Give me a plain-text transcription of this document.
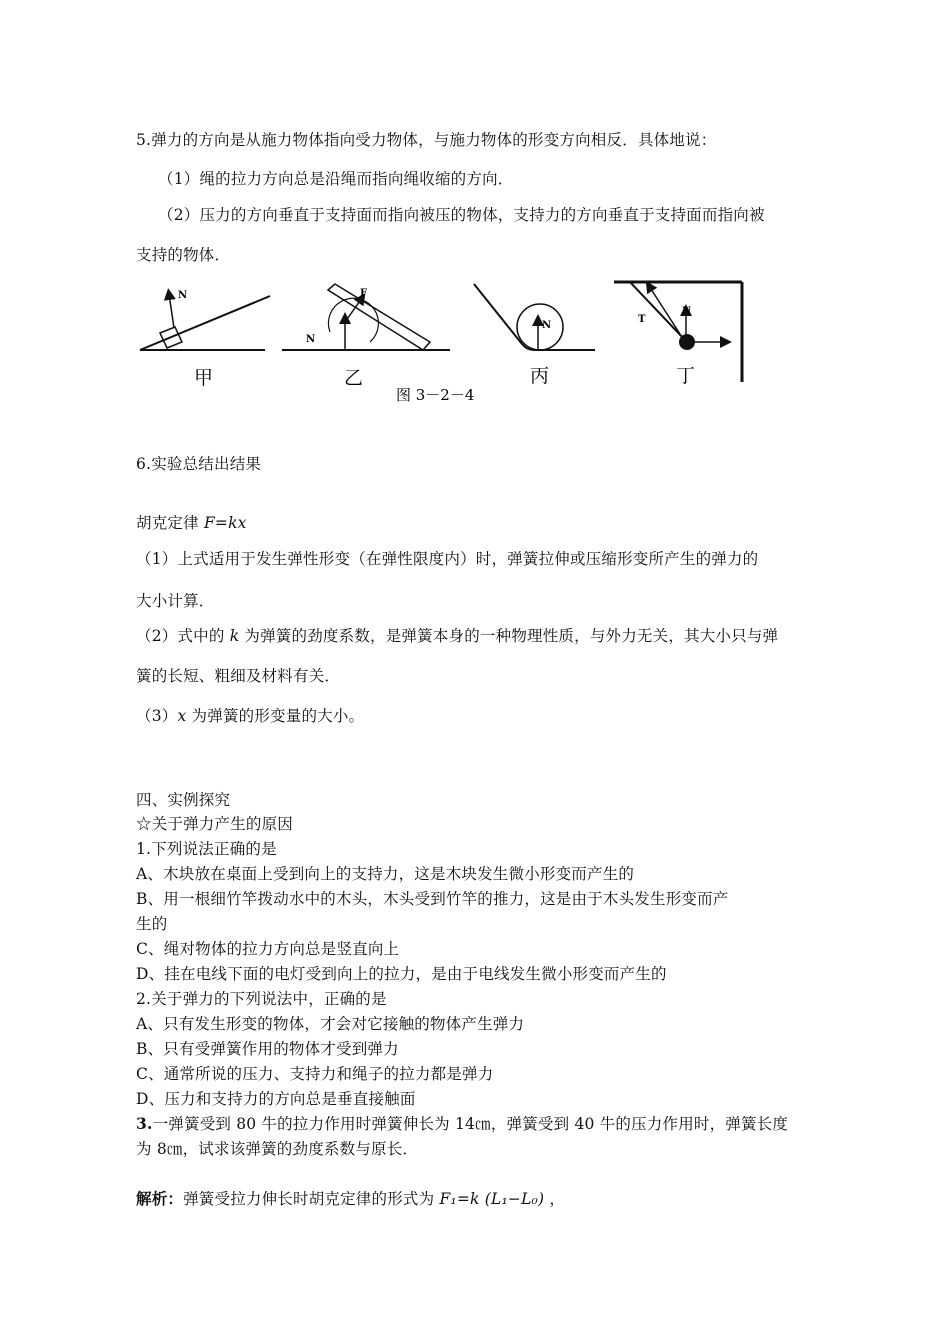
5.弹力的方向是从施力物体指向受力物体，与施力物体的形变方向相反．具体地说：
（1）绳的拉力方向总是沿绳而指向绳收缩的方向．
（2）压力的方向垂直于支持面而指向被压的物体，支持力的方向垂直于支持面而指向被
支持的物体．
N
甲
F
N
乙
N
丙
图 3－2－4
T
N
丁
6.实验总结出结果
胡克定律 F=kx
（1）上式适用于发生弹性形变（在弹性限度内）时，弹簧拉伸或压缩形变所产生的弹力的
大小计算．
（2）式中的 k 为弹簧的劲度系数，是弹簧本身的一种物理性质，与外力无关，其大小只与弹
簧的长短、粗细及材料有关．
（3）x 为弹簧的形变量的大小。
四、实例探究
☆关于弹力产生的原因
1.下列说法正确的是
A、木块放在桌面上受到向上的支持力，这是木块发生微小形变而产生的
B、用一根细竹竿拨动水中的木头，木头受到竹竿的推力，这是由于木头发生形变而产
生的
C、绳对物体的拉力方向总是竖直向上
D、挂在电线下面的电灯受到向上的拉力，是由于电线发生微小形变而产生的
2.关于弹力的下列说法中，正确的是
A、只有发生形变的物体，才会对它接触的物体产生弹力
B、只有受弹簧作用的物体才受到弹力
C、通常所说的压力、支持力和绳子的拉力都是弹力
D、压力和支持力的方向总是垂直接触面
3.一弹簧受到 80 牛的拉力作用时弹簧伸长为 14㎝，弹簧受到 40 牛的压力作用时，弹簧长度
为 8㎝，试求该弹簧的劲度系数与原长．
解析：弹簧受拉力伸长时胡克定律的形式为 F₁=k (L₁−L₀) ，
